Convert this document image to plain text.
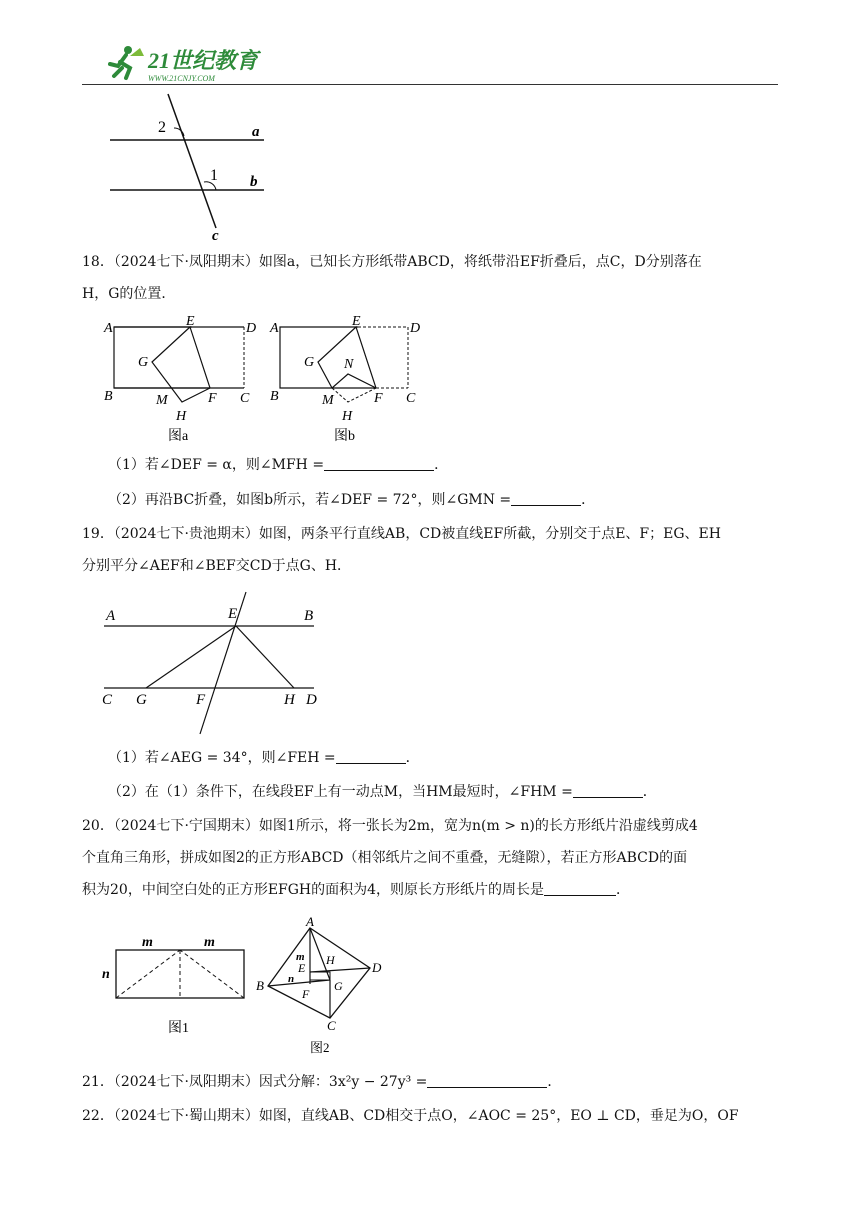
21世纪教育
WWW.21CNJY.COM
2
1
a
b
c

18．（2024七下·凤阳期末）如图a，已知长方形纸带ABCD，将纸带沿EF折叠后，点C，D分别落在

H，G的位置．

A	E	D
G
B	M	F C
H
图a
A	E	D
G N
B	M	F C
H
图b
（1）若∠DEF = α，则∠MFH =	．
（2）再沿BC折叠，如图b所示，若∠DEF = 72°，则∠GMN =	．

19．（2024七下·贵池期末）如图，两条平行直线AB，CD被直线EF所截，分别交于点E、F；EG、EH

分别平分∠AEF和∠BEF交CD于点G、H．

A	E	B
C G	F	H D
（1）若∠AEG = 34°，则∠FEH =	．
（2）在（1）条件下，在线段EF上有一动点M，当HM最短时，∠FHM =	．

20．（2024七下·宁国期末）如图1所示，将一张长为2m，宽为n(m > n)的长方形纸片沿虚线剪成4

个直角三角形，拼成如图2的正方形ABCD（相邻纸片之间不重叠，无缝隙），若正方形ABCD的面

积为20，中间空白处的正方形EFGH的面积为4，则原长方形纸片的周长是	．

m	m
n
图1
A
B
D
C
m
E
n
H
F
G
图2

21．（2024七下·凤阳期末）因式分解：3x²y − 27y³ =	．

22．（2024七下·蜀山期末）如图，直线AB、CD相交于点O，∠AOC = 25°，EO ⊥ CD，垂足为O，OF
